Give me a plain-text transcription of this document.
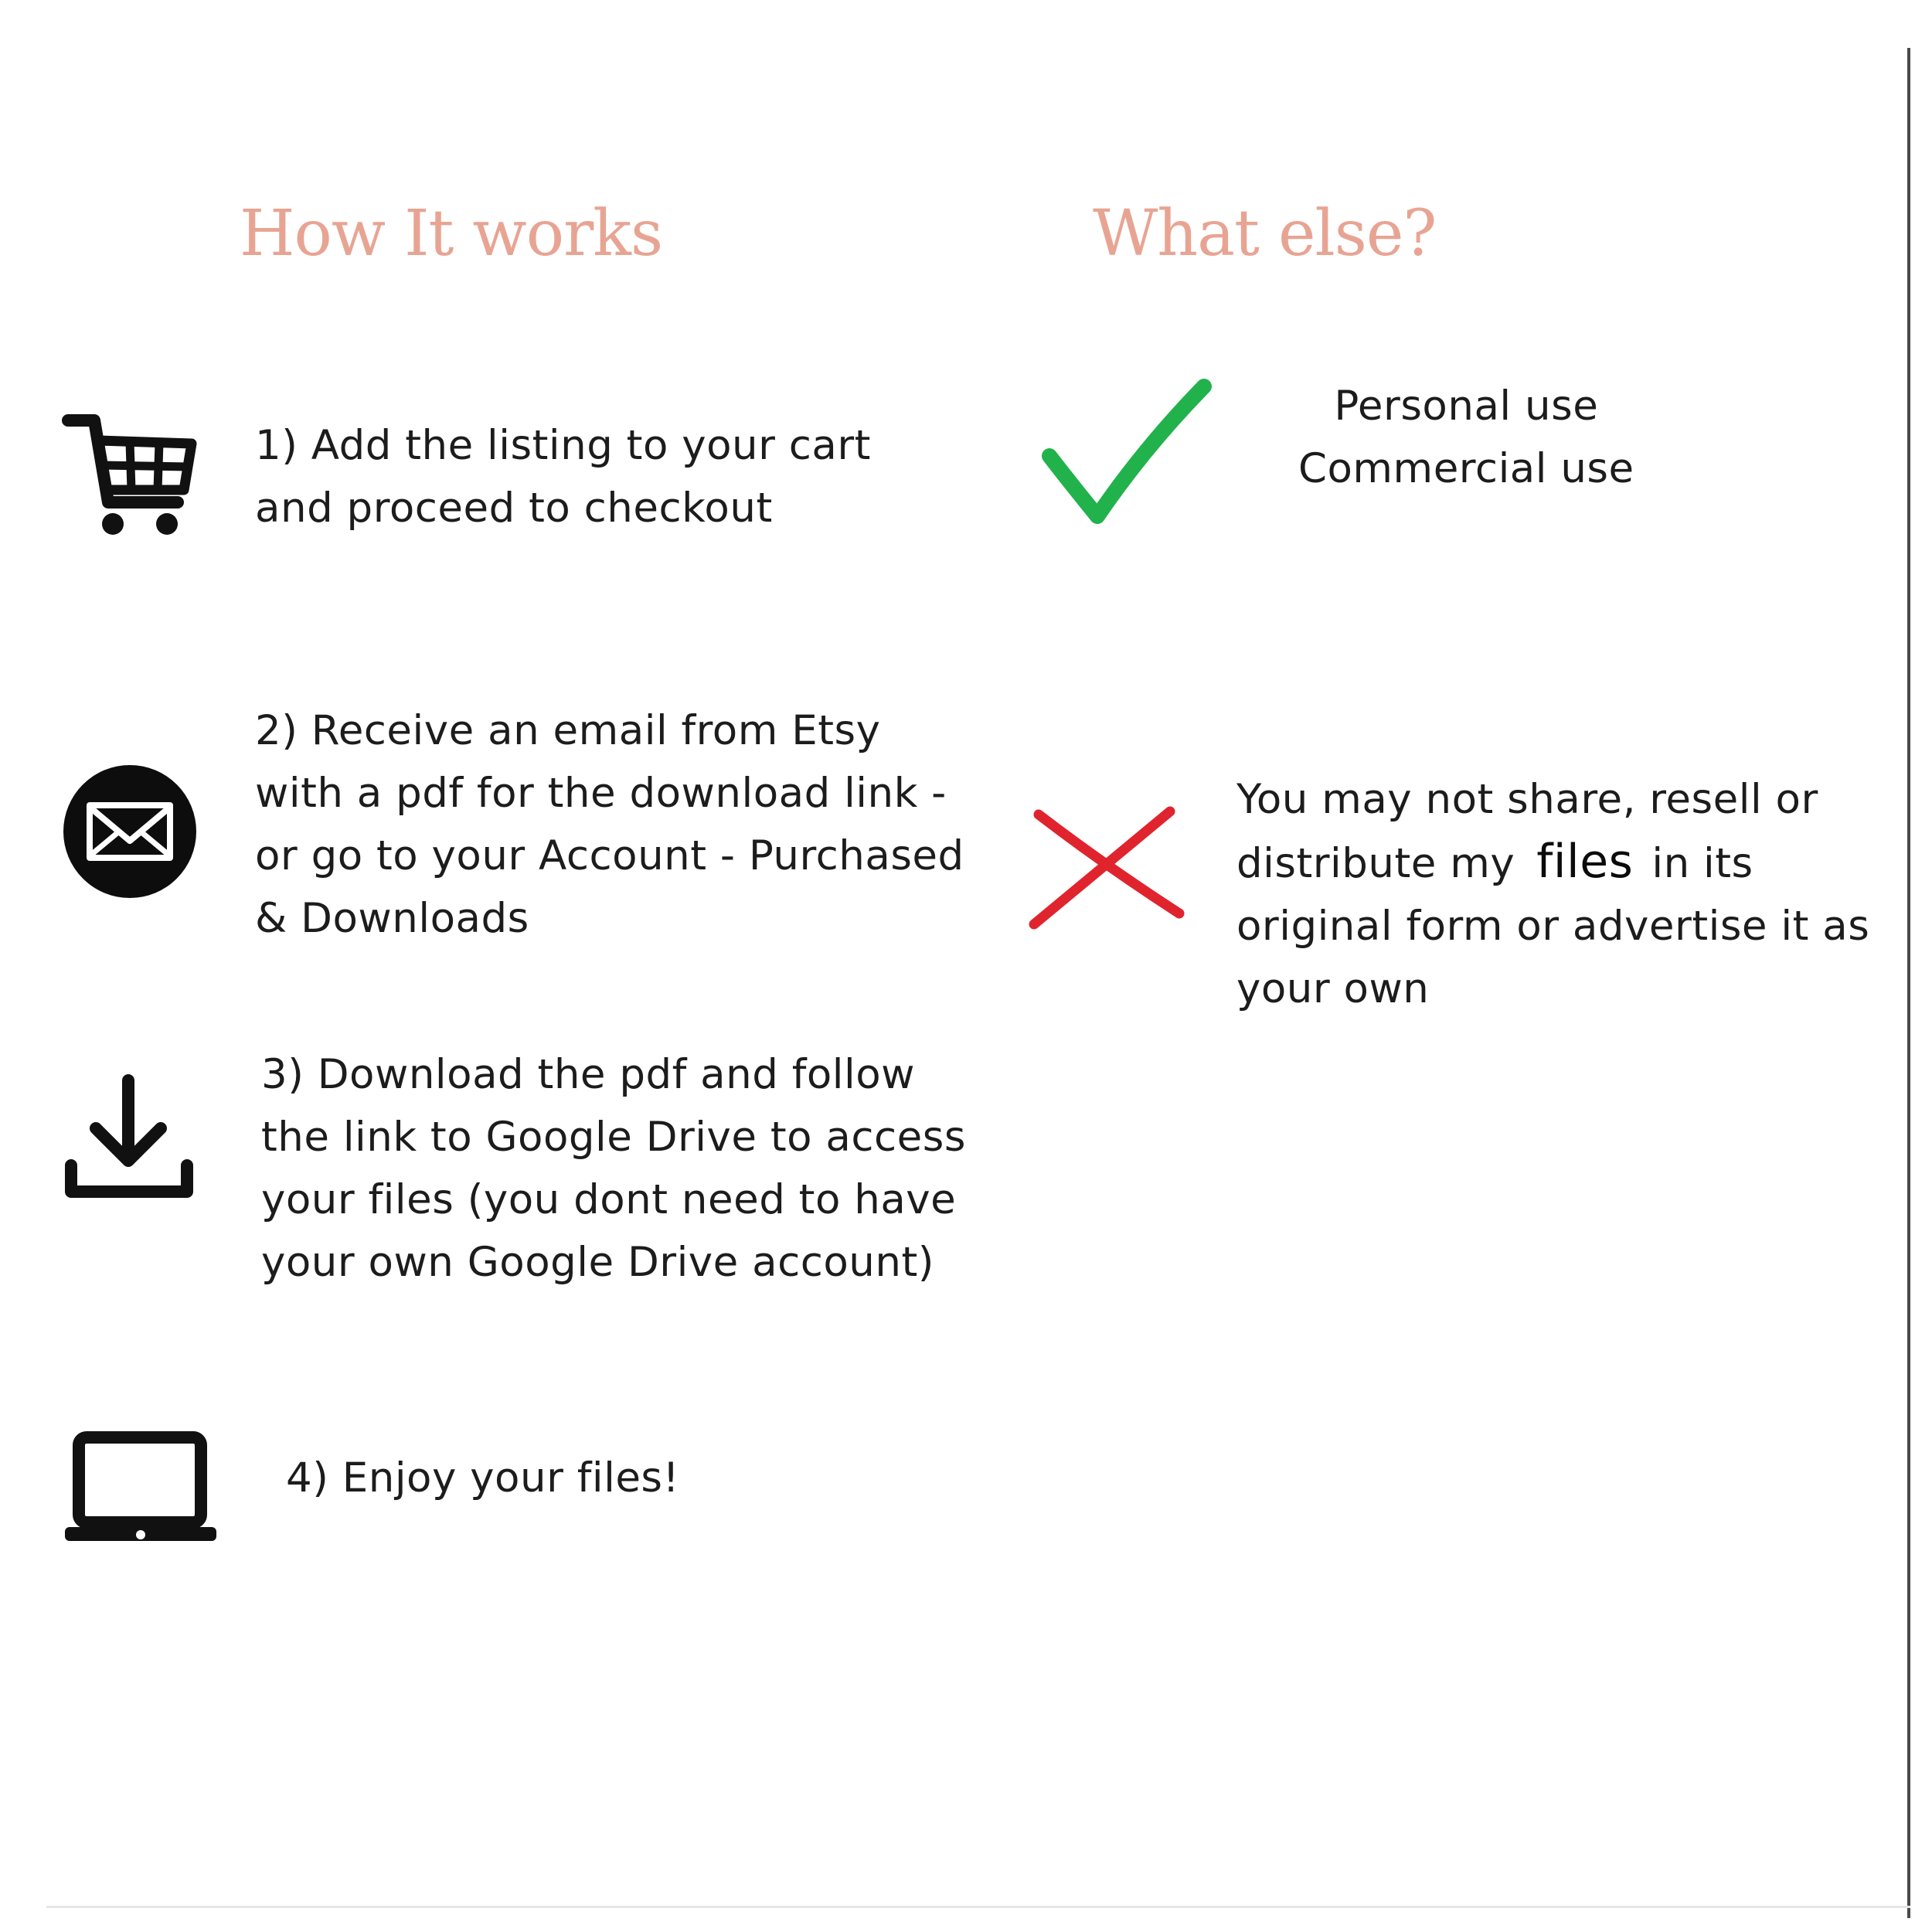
How It works	What else?
1) Add the listing to your cart
and proceed to checkout
2) Receive an email from Etsy
with a pdf for the download link -
or go to your Account - Purchased
& Downloads
3) Download the pdf and follow
the link to Google Drive to access
your files (you dont need to have
your own Google Drive account)
4) Enjoy your files!
Personal use
Commercial use
You may not share, resell or
distribute my files in its
original form or advertise it as
your own
